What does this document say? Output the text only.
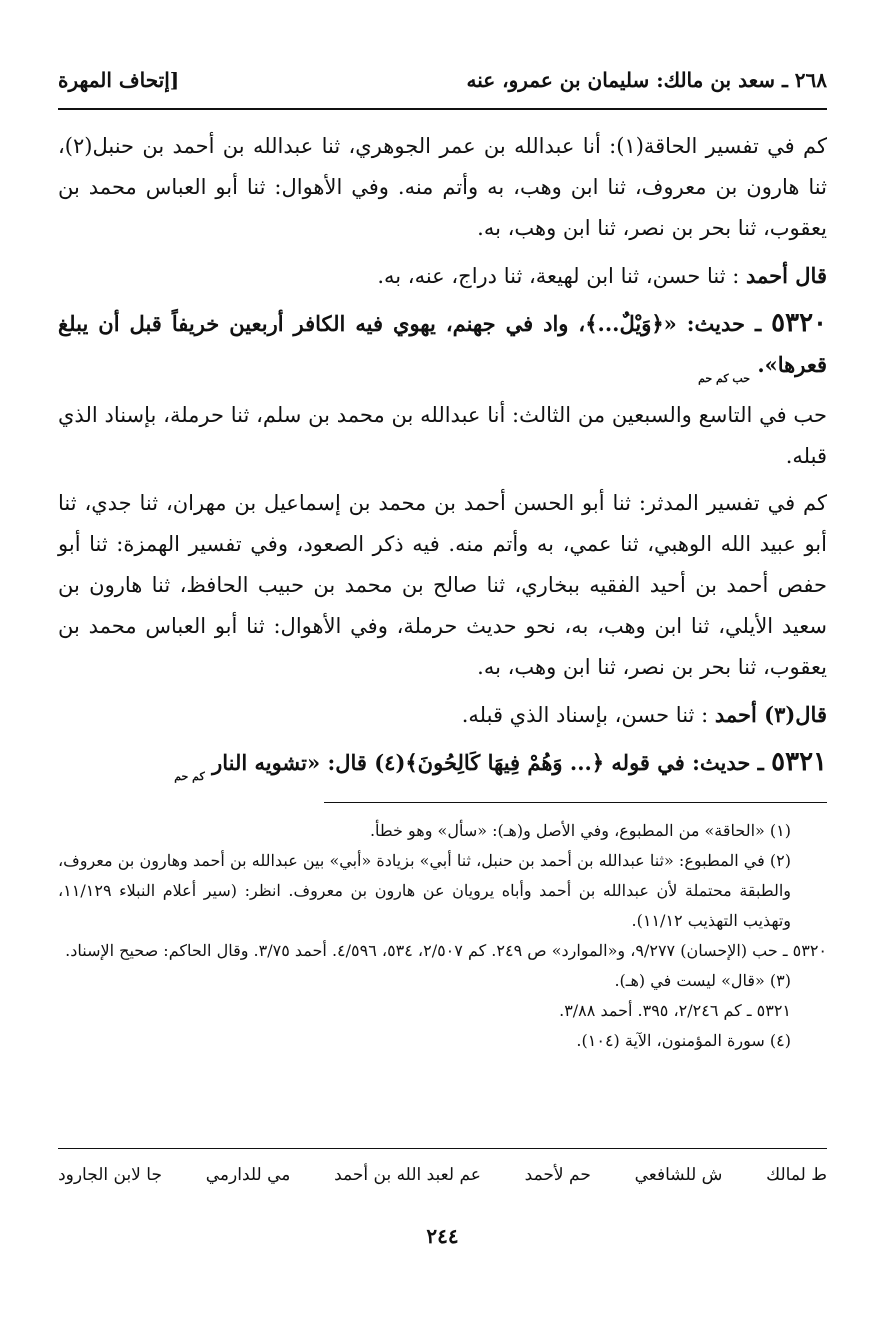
٢٦٨ ـ سعد بن مالك: سليمان بن عمرو، عنه
[إتحاف المهرة

كم في تفسير الحاقة(١): أنا عبدالله بن عمر الجوهري، ثنا عبدالله بن أحمد بن حنبل(٢)، ثنا هارون بن معروف، ثنا ابن وهب، به وأتم منه. وفي الأهوال: ثنا أبو العباس محمد بن يعقوب، ثنا بحر بن نصر، ثنا ابن وهب، به.

قال أحمد : ثنا حسن، ثنا ابن لهيعة، ثنا دراج، عنه، به.

٥٣٢٠ ـ حديث: «﴿وَيْلٌ...﴾، واد في جهنم، يهوي فيه الكافر أربعين خريفاً قبل أن يبلغ قعرها». $_{حب كم حم}$

حب في التاسع والسبعين من الثالث: أنا عبدالله بن محمد بن سلم، ثنا حرملة، بإسناد الذي قبله.

كم في تفسير المدثر: ثنا أبو الحسن أحمد بن محمد بن إسماعيل بن مهران، ثنا جدي، ثنا أبو عبيد الله الوهبي، ثنا عمي، به وأتم منه. فيه ذكر الصعود، وفي تفسير الهمزة: ثنا أبو حفص أحمد بن أحيد الفقيه ببخاري، ثنا صالح بن محمد بن حبيب الحافظ، ثنا هارون بن سعيد الأيلي، ثنا ابن وهب، به، نحو حديث حرملة، وفي الأهوال: ثنا أبو العباس محمد بن يعقوب، ثنا بحر بن نصر، ثنا ابن وهب، به.

قال(٣) أحمد : ثنا حسن، بإسناد الذي قبله.

٥٣٢١ ـ حديث: في قوله ﴿... وَهُمْ فِيهَا كَالِحُونَ﴾(٤) قال: «تشويه النار $_{كم حم}$

(١) «الحاقة» من المطبوع، وفي الأصل و(هـ): «سأل» وهو خطأ.

(٢) في المطبوع: «ثنا عبدالله بن أحمد بن حنبل، ثنا أبي» بزيادة «أبي» بين عبدالله بن أحمد وهارون بن معروف، والطبقة محتملة لأن عبدالله بن أحمد وأباه يرويان عن هارون بن معروف. انظر: (سير أعلام النبلاء ١١/١٢٩، وتهذيب التهذيب ١١/١٢).

٥٣٢٠ ـ حب (الإحسان) ٩/٢٧٧، و«الموارد» ص ٢٤٩. كم ٢/٥٠٧، ٥٣٤، ٤/٥٩٦. أحمد ٣/٧٥. وقال الحاكم: صحيح الإسناد.

(٣) «قال» ليست في (هـ).

٥٣٢١ ـ كم ٢/٢٤٦، ٣٩٥. أحمد ٣/٨٨.

(٤) سورة المؤمنون، الآية (١٠٤).

ط لمالك
ش للشافعي
حم لأحمد
عم لعبد الله بن أحمد
مي للدارمي
جا لابن الجارود
٢٤٤
